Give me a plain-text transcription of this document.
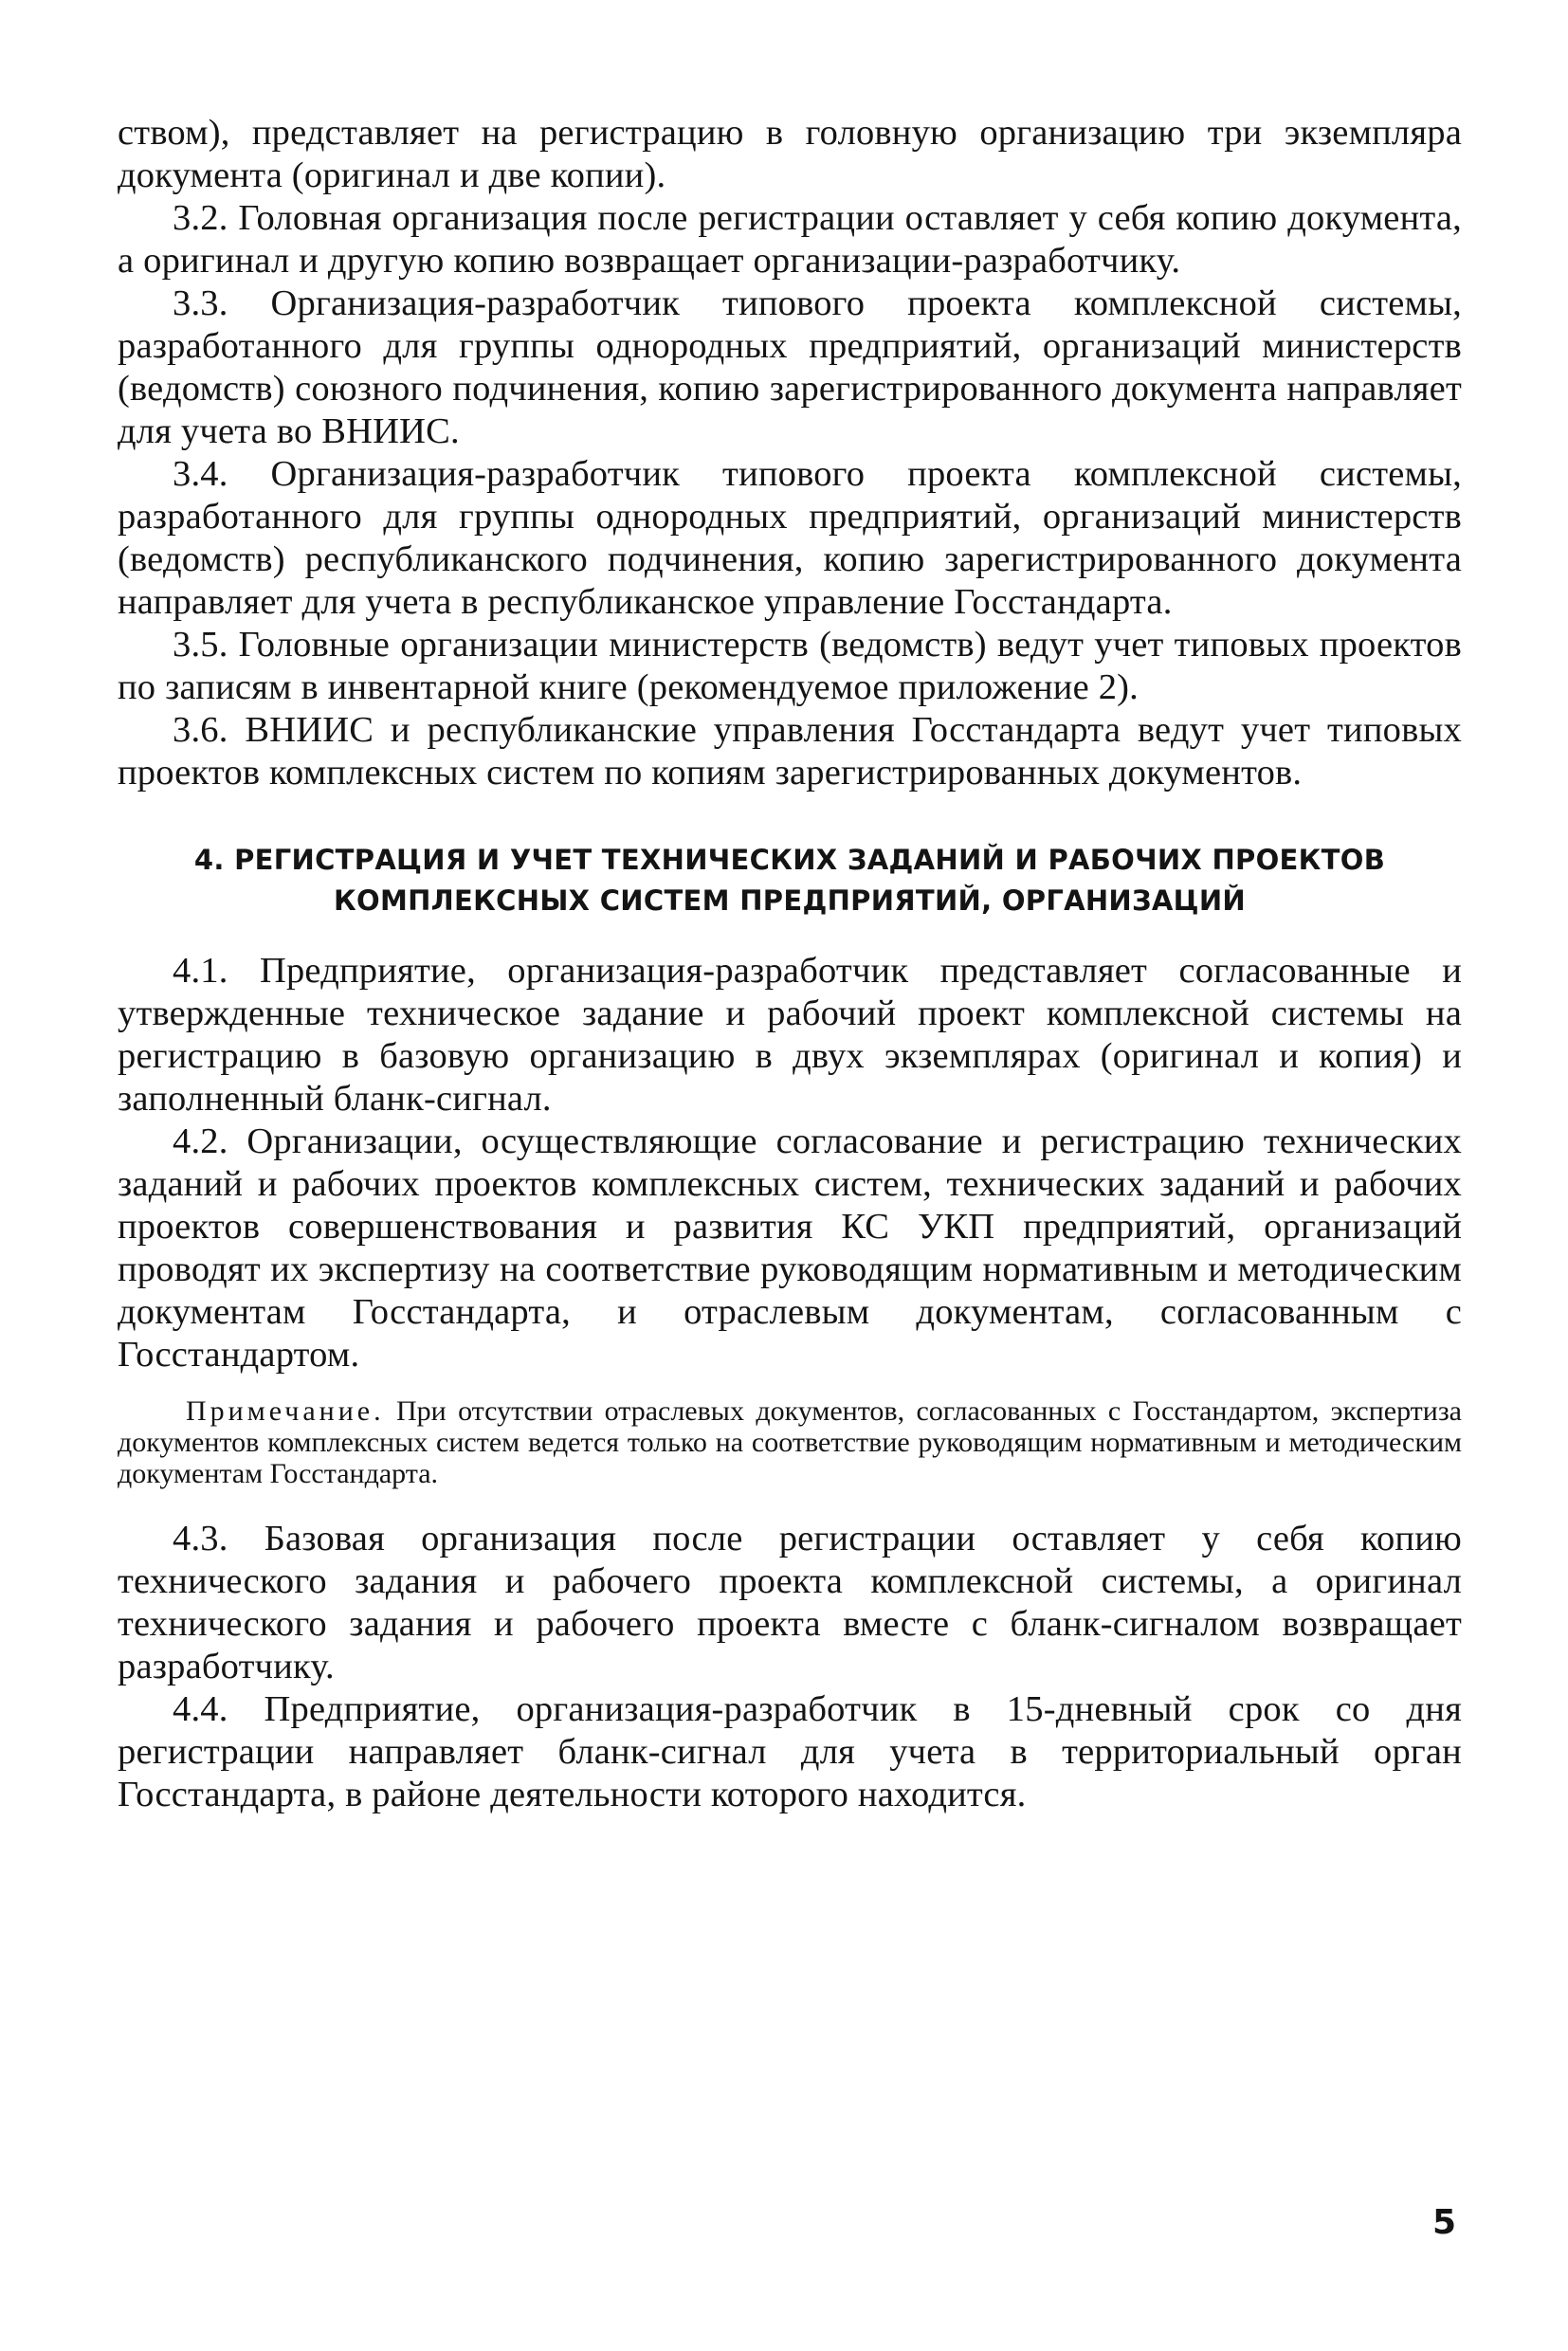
ством), представляет на регистрацию в головную организацию три экземпляра документа (оригинал и две копии).

3.2. Головная организация после регистрации оставляет у себя копию документа, а оригинал и другую копию возвращает организации-разработчику.

3.3. Организация-разработчик типового проекта комплексной системы, разработанного для группы однородных предприятий, организаций министерств (ведомств) союзного подчинения, копию зарегистрированного документа направляет для учета во ВНИИС.

3.4. Организация-разработчик типового проекта комплексной системы, разработанного для группы однородных предприятий, организаций министерств (ведомств) республиканского подчинения, копию зарегистрированного документа направляет для учета в республиканское управление Госстандарта.

3.5. Головные организации министерств (ведомств) ведут учет типовых проектов по записям в инвентарной книге (рекомендуемое приложение 2).

3.6. ВНИИС и республиканские управления Госстандарта ведут учет типовых проектов комплексных систем по копиям зарегистрированных документов.

4. РЕГИСТРАЦИЯ И УЧЕТ ТЕХНИЧЕСКИХ ЗАДАНИЙ И РАБОЧИХ ПРОЕКТОВ
КОМПЛЕКСНЫХ СИСТЕМ ПРЕДПРИЯТИЙ, ОРГАНИЗАЦИЙ

4.1. Предприятие, организация-разработчик представляет согласованные и утвержденные техническое задание и рабочий проект комплексной системы на регистрацию в базовую организацию в двух экземплярах (оригинал и копия) и заполненный бланк-сигнал.

4.2. Организации, осуществляющие согласование и регистрацию технических заданий и рабочих проектов комплексных систем, технических заданий и рабочих проектов совершенствования и развития КС УКП предприятий, организаций проводят их экспертизу на соответствие руководящим нормативным и методическим документам Госстандарта, и отраслевым документам, согласованным с Госстандартом.

Примечание. При отсутствии отраслевых документов, согласованных с Госстандартом, экспертиза документов комплексных систем ведется только на соответствие руководящим нормативным и методическим документам Госстандарта.

4.3. Базовая организация после регистрации оставляет у себя копию технического задания и рабочего проекта комплексной системы, а оригинал технического задания и рабочего проекта вместе с бланк-сигналом возвращает разработчику.

4.4. Предприятие, организация-разработчик в 15-дневный срок со дня регистрации направляет бланк-сигнал для учета в территориальный орган Госстандарта, в районе деятельности которого находится.

5
